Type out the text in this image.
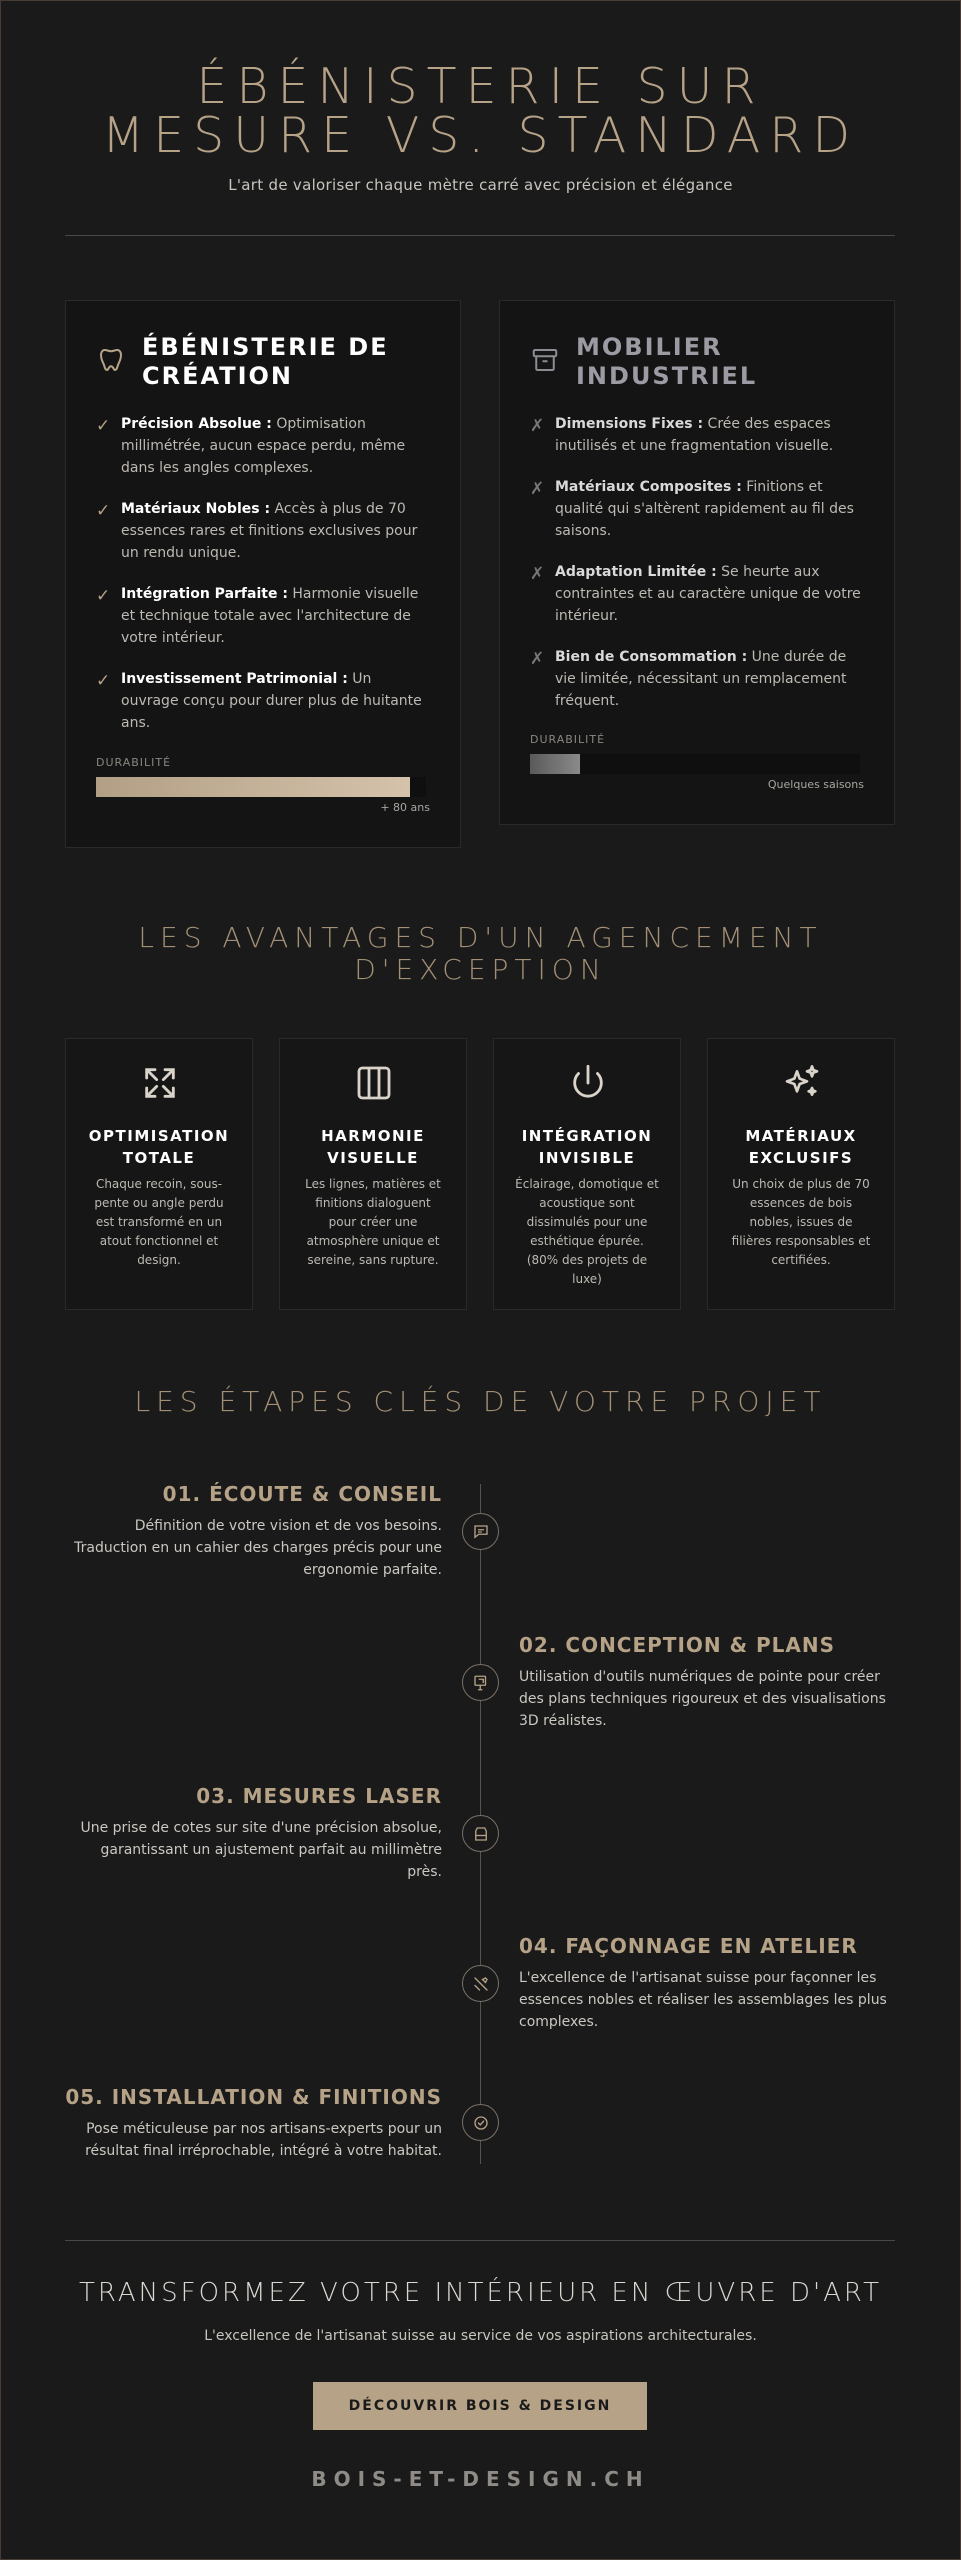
ÉBÉNISTERIE SUR
MESURE VS. STANDARD
L'art de valoriser chaque mètre carré avec précision et élégance
ÉBÉNISTERIE DE
CRÉATION
✓ Précision Absolue : Optimisation millimétrée, aucun espace perdu, même dans les angles complexes.
✓ Matériaux Nobles : Accès à plus de 70 essences rares et finitions exclusives pour un rendu unique.
✓ Intégration Parfaite : Harmonie visuelle et technique totale avec l'architecture de votre intérieur.
✓ Investissement Patrimonial : Un ouvrage conçu pour durer plus de huitante ans.
DURABILITÉ
+ 80 ans
MOBILIER
INDUSTRIEL
✗ Dimensions Fixes : Crée des espaces inutilisés et une fragmentation visuelle.
✗ Matériaux Composites : Finitions et qualité qui s'altèrent rapidement au fil des saisons.
✗ Adaptation Limitée : Se heurte aux contraintes et au caractère unique de votre intérieur.
✗ Bien de Consommation : Une durée de vie limitée, nécessitant un remplacement fréquent.
DURABILITÉ
Quelques saisons
LES AVANTAGES D'UN AGENCEMENT
D'EXCEPTION
OPTIMISATION
TOTALE
Chaque recoin, sous-pente ou angle perdu est transformé en un atout fonctionnel et design.
HARMONIE
VISUELLE
Les lignes, matières et finitions dialoguent pour créer une atmosphère unique et sereine, sans rupture.
INTÉGRATION
INVISIBLE
Éclairage, domotique et acoustique sont dissimulés pour une esthétique épurée. (80% des projets de luxe)
MATÉRIAUX
EXCLUSIFS
Un choix de plus de 70 essences de bois nobles, issues de filières responsables et certifiées.
LES ÉTAPES CLÉS DE VOTRE PROJET
01. ÉCOUTE & CONSEIL
Définition de votre vision et de vos besoins. Traduction en un cahier des charges précis pour une ergonomie parfaite.
02. CONCEPTION & PLANS
Utilisation d'outils numériques de pointe pour créer des plans techniques rigoureux et des visualisations 3D réalistes.
03. MESURES LASER
Une prise de cotes sur site d'une précision absolue, garantissant un ajustement parfait au millimètre près.
04. FAÇONNAGE EN ATELIER
L'excellence de l'artisanat suisse pour façonner les essences nobles et réaliser les assemblages les plus complexes.
05. INSTALLATION & FINITIONS
Pose méticuleuse par nos artisans-experts pour un résultat final irréprochable, intégré à votre habitat.
TRANSFORMEZ VOTRE INTÉRIEUR EN ŒUVRE D'ART
L'excellence de l'artisanat suisse au service de vos aspirations architecturales.
DÉCOUVRIR BOIS & DESIGN
BOIS-ET-DESIGN.CH
